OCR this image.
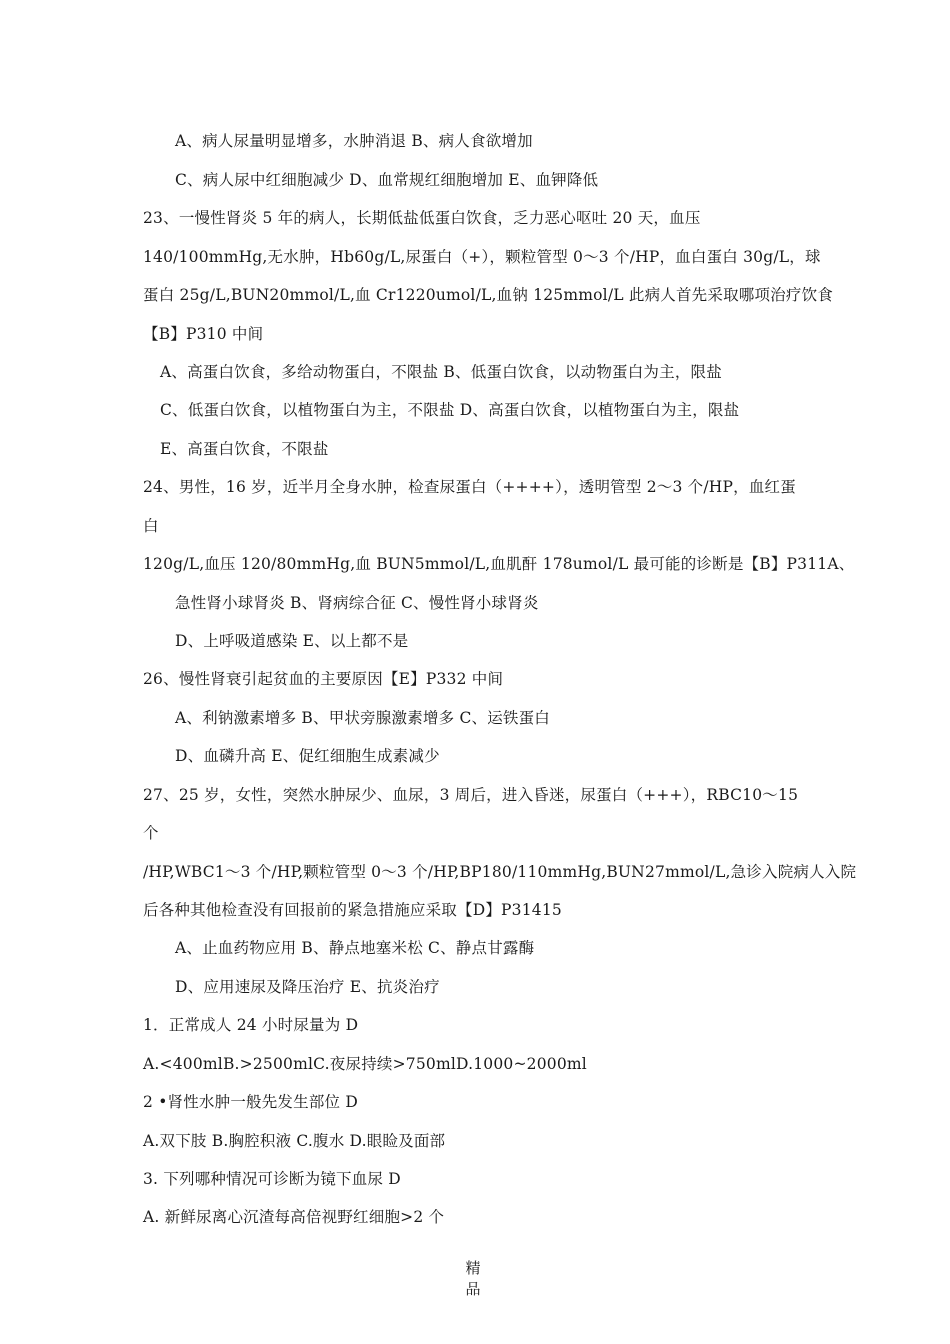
A、病人尿量明显增多，水肿消退 B、病人食欲增加
C、病人尿中红细胞减少 D、血常规红细胞增加 E、血钾降低
23、一慢性肾炎 5 年的病人，长期低盐低蛋白饮食，乏力恶心呕吐 20 天，血压
140/100mmHg,无水肿，Hb60g/L,尿蛋白（+），颗粒管型 0～3 个/HP，血白蛋白 30g/L，球
蛋白 25g/L,BUN20mmol/L,血 Cr1220umol/L,血钠 125mmol/L 此病人首先采取哪项治疗饮食
【B】P310 中间
A、高蛋白饮食，多给动物蛋白，不限盐 B、低蛋白饮食，以动物蛋白为主，限盐
C、低蛋白饮食，以植物蛋白为主，不限盐 D、高蛋白饮食，以植物蛋白为主，限盐
E、高蛋白饮食，不限盐
24、男性，16 岁，近半月全身水肿，检查尿蛋白（++++），透明管型 2～3 个/HP，血红蛋
白
120g/L,血压 120/80mmHg,血 BUN5mmol/L,血肌酐 178umol/L 最可能的诊断是【B】P311A、
急性肾小球肾炎 B、肾病综合征 C、慢性肾小球肾炎
D、上呼吸道感染 E、以上都不是
26、慢性肾衰引起贫血的主要原因【E】P332 中间
A、利钠激素增多 B、甲状旁腺激素增多 C、运铁蛋白
D、血磷升高 E、促红细胞生成素减少
27、25 岁，女性，突然水肿尿少、血尿，3 周后，进入昏迷，尿蛋白（+++），RBC10～15
个
/HP,WBC1～3 个/HP,颗粒管型 0～3 个/HP,BP180/110mmHg,BUN27mmol/L,急诊入院病人入院
后各种其他检查没有回报前的紧急措施应采取【D】P31415
A、止血药物应用 B、静点地塞米松 C、静点甘露酶
D、应用速尿及降压治疗 E、抗炎治疗
1．正常成人 24 小时尿量为 D
A.<400mlB.>2500mlC.夜尿持续>750mlD.1000~2000ml
2 •肾性水肿一般先发生部位 D
A.双下肢 B.胸腔积液 C.腹水 D.眼睑及面部
3. 下列哪种情况可诊断为镜下血尿 D
A. 新鲜尿离心沉渣每高倍视野红细胞>2 个
精品
